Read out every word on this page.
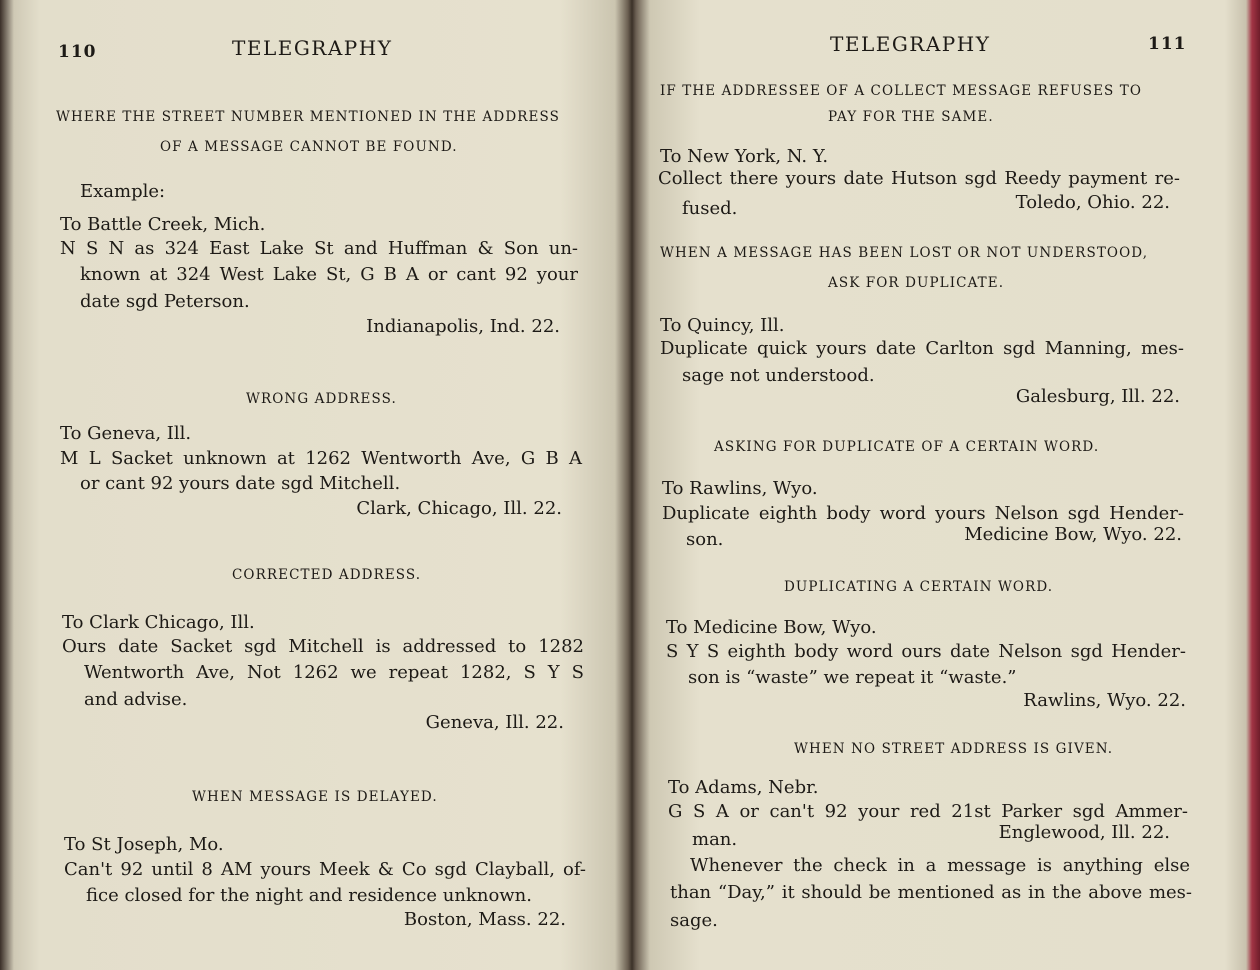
110	TELEGRAPHY
WHERE THE STREET NUMBER MENTIONED IN THE ADDRESS
OF A MESSAGE CANNOT BE FOUND.
Example:
To Battle Creek, Mich.
N S N as 324 East Lake St and Huffman & Son un-
known at 324 West Lake St, G B A or cant 92 your
date sgd Peterson.
Indianapolis, Ind. 22.
WRONG ADDRESS.
To Geneva, Ill.
M L Sacket unknown at 1262 Wentworth Ave, G B A
or cant 92 yours date sgd Mitchell.
Clark, Chicago, Ill. 22.
CORRECTED ADDRESS.
To Clark Chicago, Ill.
Ours date Sacket sgd Mitchell is addressed to 1282
Wentworth Ave, Not 1262 we repeat 1282, S Y S
and advise.
Geneva, Ill. 22.
WHEN MESSAGE IS DELAYED.
To St Joseph, Mo.
Can't 92 until 8 AM yours Meek & Co sgd Clayball, of-
fice closed for the night and residence unknown.
Boston, Mass. 22.
TELEGRAPHY	111
IF THE ADDRESSEE OF A COLLECT MESSAGE REFUSES TO
PAY FOR THE SAME.
To New York, N. Y.
Collect there yours date Hutson sgd Reedy payment re-
fused.	Toledo, Ohio. 22.
WHEN A MESSAGE HAS BEEN LOST OR NOT UNDERSTOOD,
ASK FOR DUPLICATE.
To Quincy, Ill.
Duplicate quick yours date Carlton sgd Manning, mes-
sage not understood.
Galesburg, Ill. 22.
ASKING FOR DUPLICATE OF A CERTAIN WORD.
To Rawlins, Wyo.
Duplicate eighth body word yours Nelson sgd Hender-
son.	Medicine Bow, Wyo. 22.
DUPLICATING A CERTAIN WORD.
To Medicine Bow, Wyo.
S Y S eighth body word ours date Nelson sgd Hender-
son is “waste” we repeat it “waste.”
Rawlins, Wyo. 22.
WHEN NO STREET ADDRESS IS GIVEN.
To Adams, Nebr.
G S A or can't 92 your red 21st Parker sgd Ammer-
man.	Englewood, Ill. 22.
Whenever the check in a message is anything else
than “Day,” it should be mentioned as in the above mes-
sage.
